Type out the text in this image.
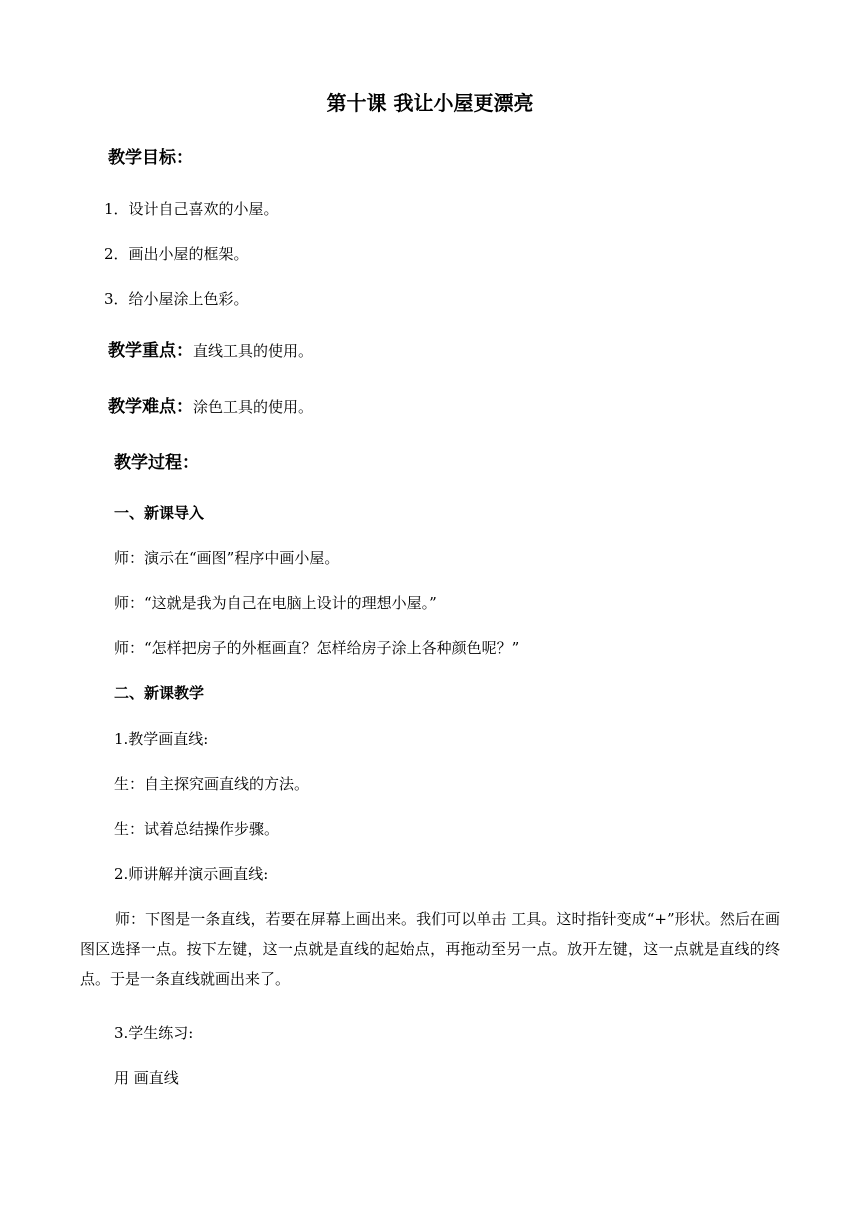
第十课 我让小屋更漂亮
教学目标：
1．设计自己喜欢的小屋。
2．画出小屋的框架。
3．给小屋涂上色彩。
教学重点：直线工具的使用。
教学难点：涂色工具的使用。
教学过程：
一、新课导入
师：演示在“画图”程序中画小屋。
师：“这就是我为自己在电脑上设计的理想小屋。”
师：“怎样把房子的外框画直？怎样给房子涂上各种颜色呢？”
二、新课教学
1.教学画直线:
生：自主探究画直线的方法。
生：试着总结操作步骤。
2.师讲解并演示画直线:
师：下图是一条直线，若要在屏幕上画出来。我们可以单击 工具。这时指针变成“+”形状。然后在画图区选择一点。按下左键，这一点就是直线的起始点，再拖动至另一点。放开左键，这一点就是直线的终点。于是一条直线就画出来了。
3.学生练习:
用 画直线
